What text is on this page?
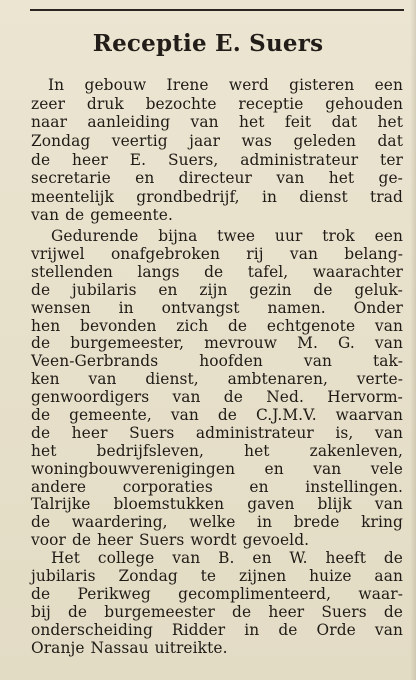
Receptie E. Suers
In gebouw Irene werd gisteren een
zeer druk bezochte receptie gehouden
naar aanleiding van het feit dat het
Zondag veertig jaar was geleden dat
de heer E. Suers, administrateur ter
secretarie en directeur van het ge-
meentelijk grondbedrijf, in dienst trad
van de gemeente.
Gedurende bijna twee uur trok een
vrijwel onafgebroken rij van belang-
stellenden langs de tafel, waarachter
de jubilaris en zijn gezin de geluk-
wensen in ontvangst namen. Onder
hen bevonden zich de echtgenote van
de burgemeester, mevrouw M. G. van
Veen-Gerbrands hoofden van tak-
ken van dienst, ambtenaren, verte-
genwoordigers van de Ned. Hervorm-
de gemeente, van de C.J.M.V. waarvan
de heer Suers administrateur is, van
het bedrijfsleven, het zakenleven,
woningbouwverenigingen en van vele
andere corporaties en instellingen.
Talrijke bloemstukken gaven blijk van
de waardering, welke in brede kring
voor de heer Suers wordt gevoeld.
Het college van B. en W. heeft de
jubilaris Zondag te zijnen huize aan
de Perikweg gecomplimenteerd, waar-
bij de burgemeester de heer Suers de
onderscheiding Ridder in de Orde van
Oranje Nassau uitreikte.
